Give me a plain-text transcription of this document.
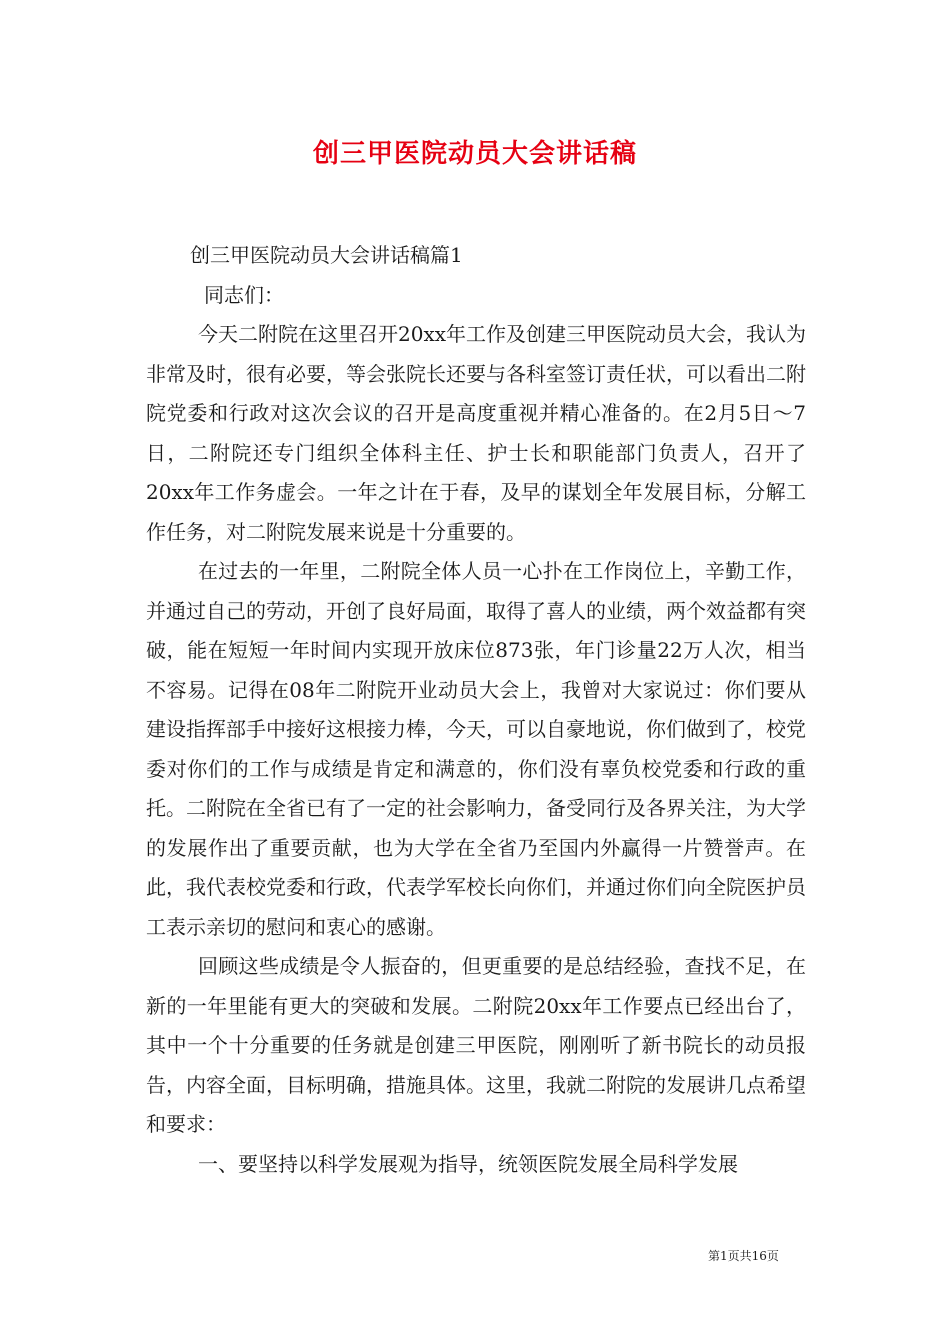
创三甲医院动员大会讲话稿

创三甲医院动员大会讲话稿篇1

同志们：

今天二附院在这里召开20xx年工作及创建三甲医院动员大会，我认为非常及时，很有必要，等会张院长还要与各科室签订责任状，可以看出二附院党委和行政对这次会议的召开是高度重视并精心准备的。在2月5日～7日，二附院还专门组织全体科主任、护士长和职能部门负责人，召开了20xx年工作务虚会。一年之计在于春，及早的谋划全年发展目标，分解工作任务，对二附院发展来说是十分重要的。

在过去的一年里，二附院全体人员一心扑在工作岗位上，辛勤工作，并通过自己的劳动，开创了良好局面，取得了喜人的业绩，两个效益都有突破，能在短短一年时间内实现开放床位873张，年门诊量22万人次，相当不容易。记得在08年二附院开业动员大会上，我曾对大家说过：你们要从建设指挥部手中接好这根接力棒，今天，可以自豪地说，你们做到了，校党委对你们的工作与成绩是肯定和满意的，你们没有辜负校党委和行政的重托。二附院在全省已有了一定的社会影响力，备受同行及各界关注，为大学的发展作出了重要贡献，也为大学在全省乃至国内外赢得一片赞誉声。在此，我代表校党委和行政，代表学军校长向你们，并通过你们向全院医护员工表示亲切的慰问和衷心的感谢。

回顾这些成绩是令人振奋的，但更重要的是总结经验，查找不足，在新的一年里能有更大的突破和发展。二附院20xx年工作要点已经出台了，其中一个十分重要的任务就是创建三甲医院，刚刚听了新书院长的动员报告，内容全面，目标明确，措施具体。这里，我就二附院的发展讲几点希望和要求：

一、要坚持以科学发展观为指导，统领医院发展全局科学发展

第1页共16页
